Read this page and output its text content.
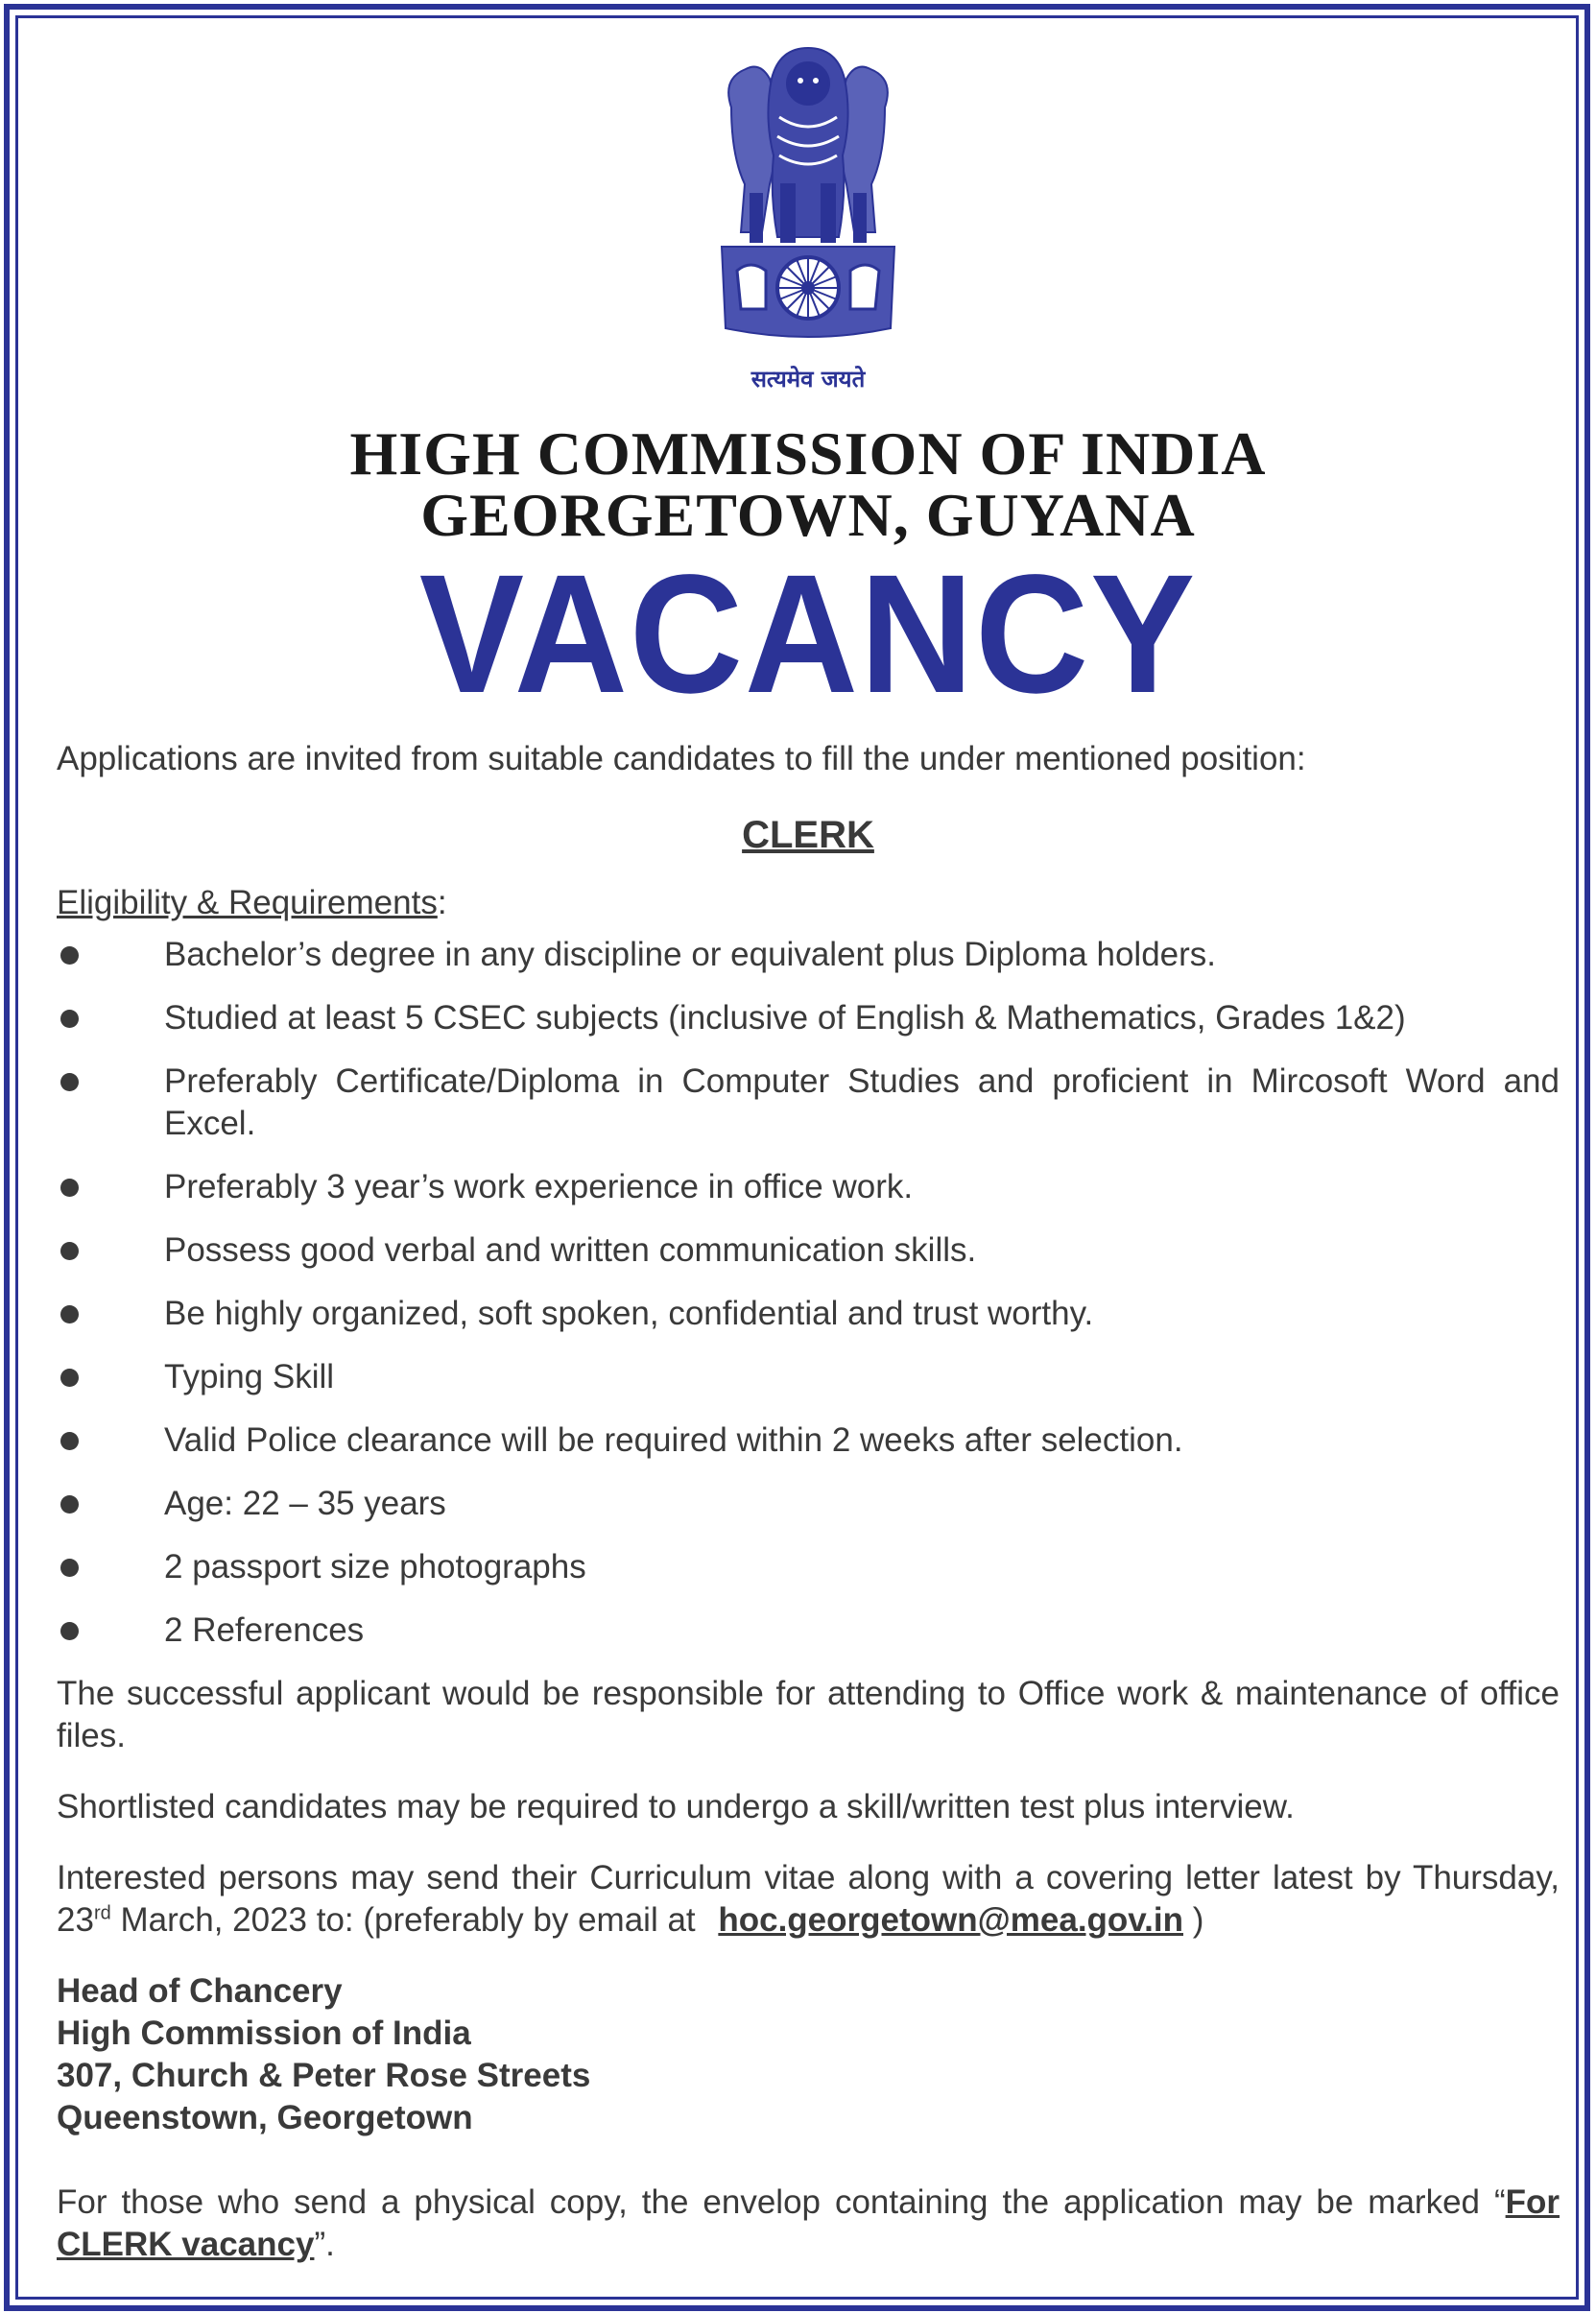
सत्यमेव जयते
HIGH COMMISSION OF INDIA
GEORGETOWN, GUYANA
VACANCY

Applications are invited from suitable candidates to fill the under mentioned position:

CLERK
Eligibility & Requirements:
Bachelor’s degree in any discipline or equivalent plus Diploma holders.
Studied at least 5 CSEC subjects (inclusive of English & Mathematics, Grades 1&2)
Preferably Certificate/Diploma in Computer Studies and proficient in Mircosoft Word and Excel.
Preferably 3 year’s work experience in office work.
Possess good verbal and written communication skills.
Be highly organized, soft spoken, confidential and trust worthy.
Typing Skill
Valid Police clearance will be required within 2 weeks after selection.
Age: 22 – 35 years
2 passport size photographs
2 References

The successful applicant would be responsible for attending to Office work & maintenance of office files.

Shortlisted candidates may be required to undergo a skill/written test plus interview.

Interested persons may send their Curriculum vitae along with a covering letter latest by Thursday, 23rd March, 2023 to: (preferably by email at hoc.georgetown@mea.gov.in )

Head of Chancery
High Commission of India
307, Church & Peter Rose Streets
Queenstown, Georgetown

For those who send a physical copy, the envelop containing the application may be marked “For CLERK vacancy”.
